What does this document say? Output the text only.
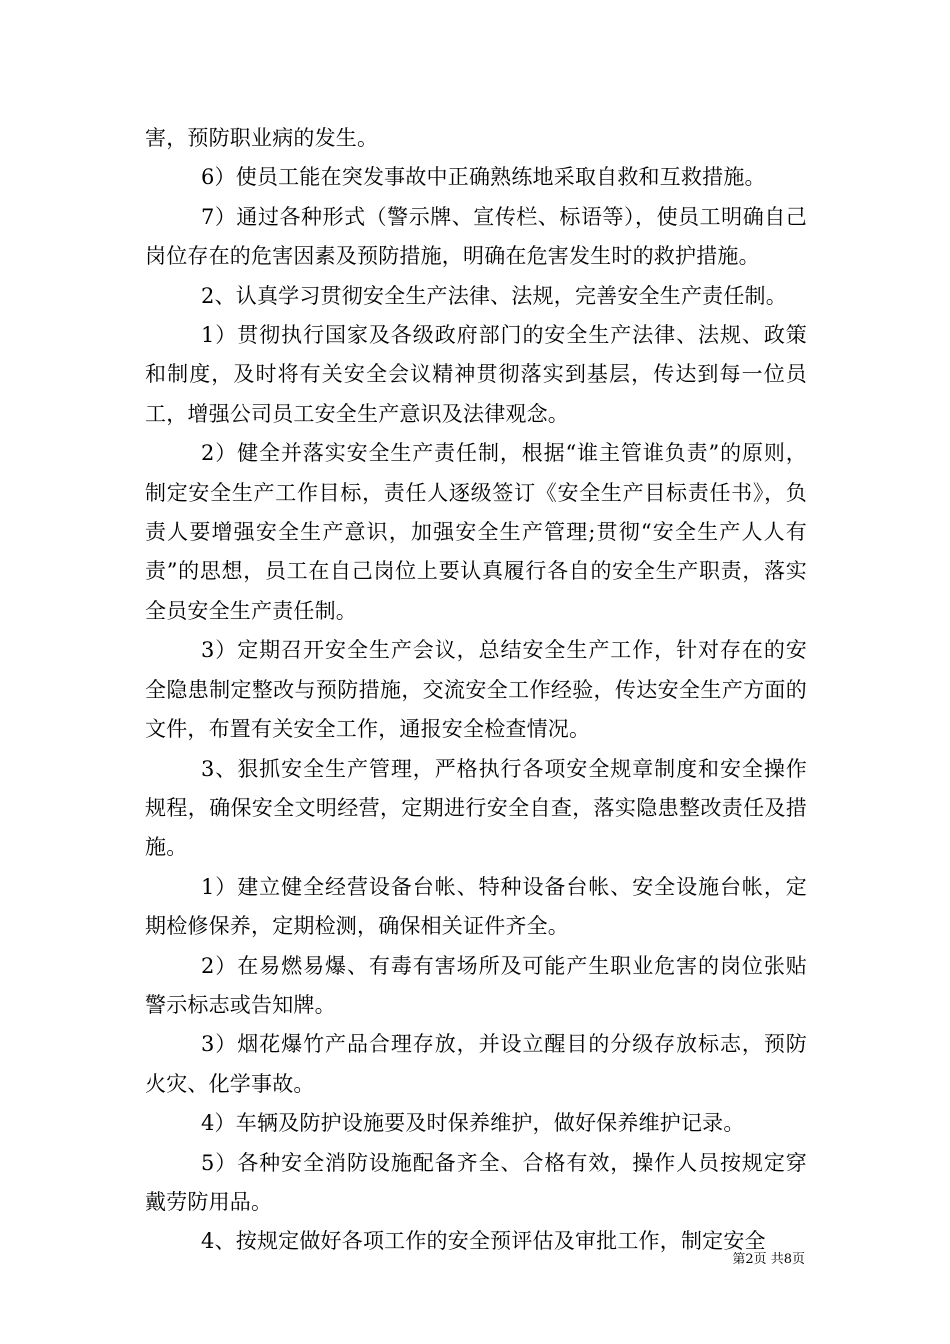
害，预防职业病的发生。

6）使员工能在突发事故中正确熟练地采取自救和互救措施。

7）通过各种形式（警示牌、宣传栏、标语等），使员工明确自己岗位存在的危害因素及预防措施，明确在危害发生时的救护措施。

2、认真学习贯彻安全生产法律、法规，完善安全生产责任制。

1）贯彻执行国家及各级政府部门的安全生产法律、法规、政策和制度，及时将有关安全会议精神贯彻落实到基层，传达到每一位员工，增强公司员工安全生产意识及法律观念。

2）健全并落实安全生产责任制，根据“谁主管谁负责”的原则，制定安全生产工作目标，责任人逐级签订《安全生产目标责任书》，负责人要增强安全生产意识，加强安全生产管理;贯彻“安全生产人人有责”的思想，员工在自己岗位上要认真履行各自的安全生产职责，落实全员安全生产责任制。

3）定期召开安全生产会议，总结安全生产工作，针对存在的安全隐患制定整改与预防措施，交流安全工作经验，传达安全生产方面的文件，布置有关安全工作，通报安全检查情况。

3、狠抓安全生产管理，严格执行各项安全规章制度和安全操作规程，确保安全文明经营，定期进行安全自查，落实隐患整改责任及措施。

1）建立健全经营设备台帐、特种设备台帐、安全设施台帐，定期检修保养，定期检测，确保相关证件齐全。

2）在易燃易爆、有毒有害场所及可能产生职业危害的岗位张贴警示标志或告知牌。

3）烟花爆竹产品合理存放，并设立醒目的分级存放标志，预防火灾、化学事故。

4）车辆及防护设施要及时保养维护，做好保养维护记录。

5）各种安全消防设施配备齐全、合格有效，操作人员按规定穿戴劳防用品。

4、按规定做好各项工作的安全预评估及审批工作，制定安全

第2页 共8页
